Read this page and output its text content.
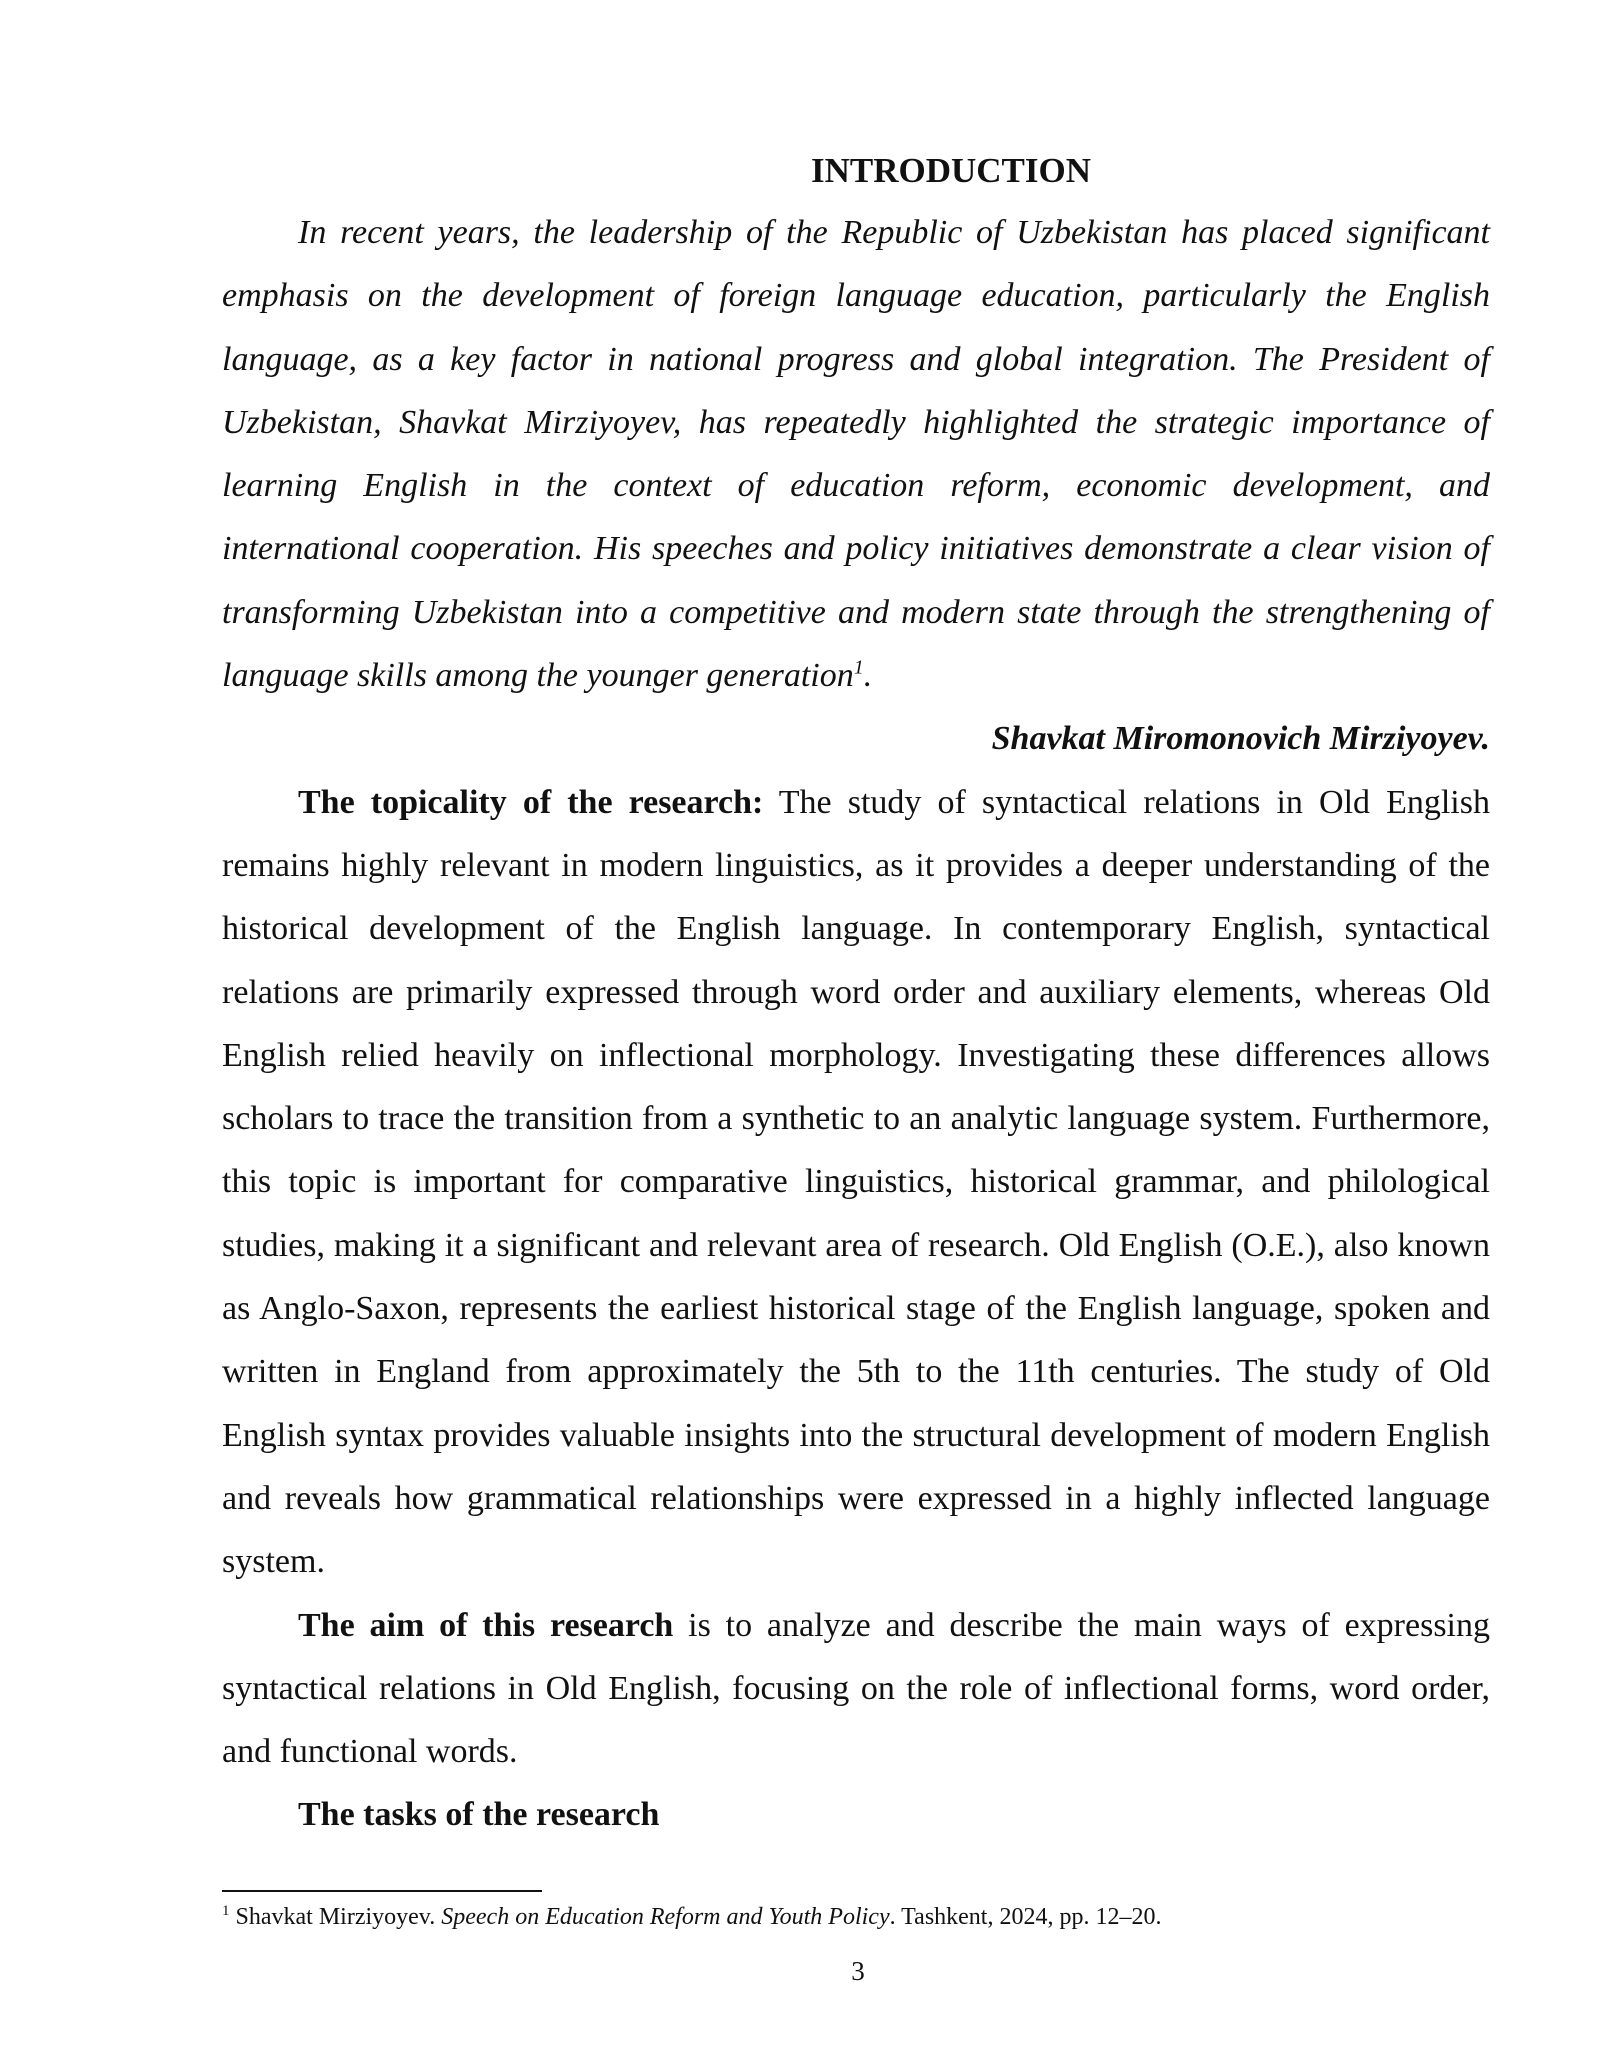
INTRODUCTION

In recent years, the leadership of the Republic of Uzbekistan has placed significant emphasis on the development of foreign language education, particularly the English language, as a key factor in national progress and global integration. The President of Uzbekistan, Shavkat Mirziyoyev, has repeatedly highlighted the strategic importance of learning English in the context of education reform, economic development, and international cooperation. His speeches and policy initiatives demonstrate a clear vision of transforming Uzbekistan into a competitive and modern state through the strengthening of language skills among the younger generation$^1$.

Shavkat Miromonovich Mirziyoyev.

The topicality of the research: The study of syntactical relations in Old English remains highly relevant in modern linguistics, as it provides a deeper understanding of the historical development of the English language. In contemporary English, syntactical relations are primarily expressed through word order and auxiliary elements, whereas Old English relied heavily on inflectional morphology. Investigating these differences allows scholars to trace the transition from a synthetic to an analytic language system. Furthermore, this topic is important for comparative linguistics, historical grammar, and philological studies, making it a significant and relevant area of research. Old English (O.E.), also known as Anglo-Saxon, represents the earliest historical stage of the English language, spoken and written in England from approximately the 5th to the 11th centuries. The study of Old English syntax provides valuable insights into the structural development of modern English and reveals how grammatical relationships were expressed in a highly inflected language system.

The aim of this research is to analyze and describe the main ways of expressing syntactical relations in Old English, focusing on the role of inflectional forms, word order, and functional words.

The tasks of the research

$^1$ Shavkat Mirziyoyev. Speech on Education Reform and Youth Policy. Tashkent, 2024, pp. 12–20.
3
